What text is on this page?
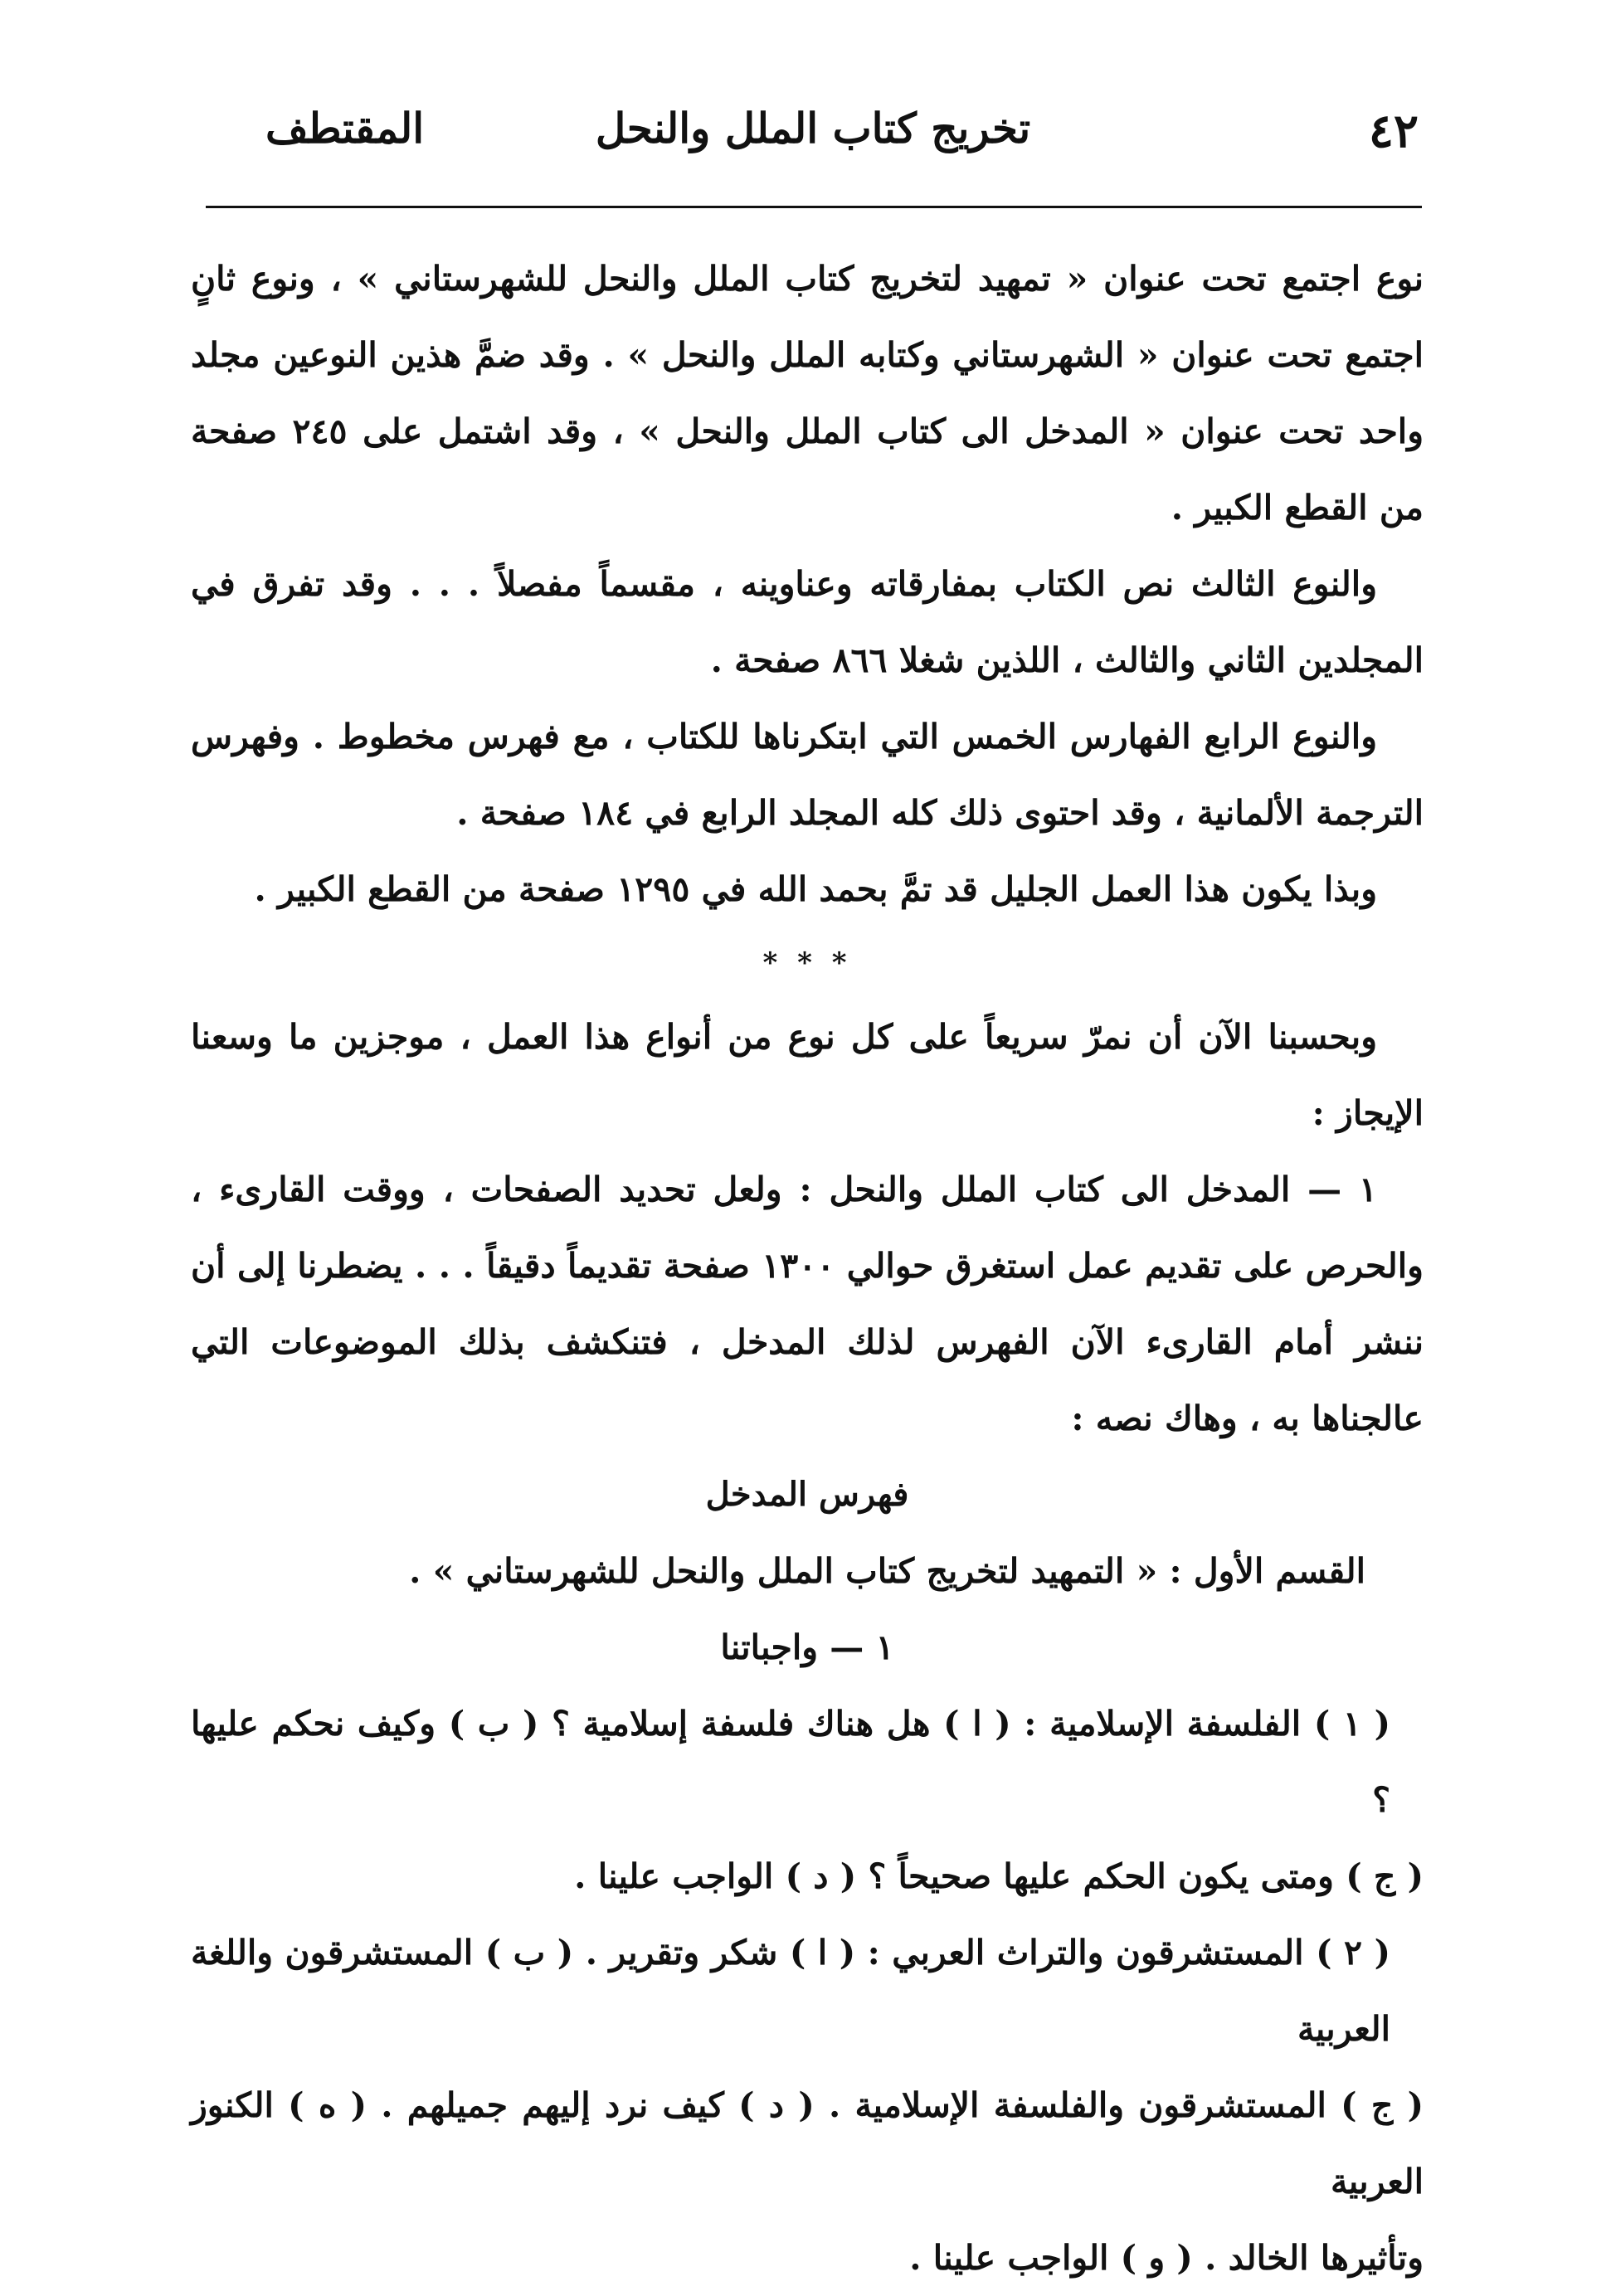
٤٢
تخريج كتاب الملل والنحل
المقتطف

نوع اجتمع تحت عنوان « تمهيد لتخريج كتاب الملل والنحل للشهرستاني » ، ونوع ثانٍ اجتمع تحت عنوان « الشهرستاني وكتابه الملل والنحل » . وقد ضمَّ هذين النوعين مجلد واحد تحت عنوان « المدخل الى كتاب الملل والنحل » ، وقد اشتمل على ٢٤٥ صفحة من القطع الكبير .

والنوع الثالث نص الكتاب بمفارقاته وعناوينه ، مقسماً مفصلاً . . . وقد تفرق في المجلدين الثاني والثالث ، اللذين شغلا ٨٦٦ صفحة .

والنوع الرابع الفهارس الخمس التي ابتكرناها للكتاب ، مع فهرس مخطوط . وفهرس الترجمة الألمانية ، وقد احتوى ذلك كله المجلد الرابع في ١٨٤ صفحة .

وبذا يكون هذا العمل الجليل قد تمَّ بحمد الله في ١٢٩٥ صفحة من القطع الكبير .

* * *

وبحسبنا الآن أن نمرّ سريعاً على كل نوع من أنواع هذا العمل ، موجزين ما وسعنا الإيجاز :

١ — المدخل الى كتاب الملل والنحل : ولعل تحديد الصفحات ، ووقت القارىء ، والحرص على تقديم عمل استغرق حوالي ١٣٠٠ صفحة تقديماً دقيقاً . . . يضطرنا إلى أن ننشر أمام القارىء الآن الفهرس لذلك المدخل ، فتنكشف بذلك الموضوعات التي عالجناها به ، وهاك نصه :

فهرس المدخل

القسم الأول : « التمهيد لتخريج كتاب الملل والنحل للشهرستاني » .

١ — واجباتنا

( ١ ) الفلسفة الإسلامية : ( ا ) هل هناك فلسفة إسلامية ؟ ( ب ) وكيف نحكم عليها ؟

( ج ) ومتى يكون الحكم عليها صحيحاً ؟ ( د ) الواجب علينا .

( ٢ ) المستشرقون والتراث العربي : ( ا ) شكر وتقرير . ( ب ) المستشرقون واللغة العربية

( ج ) المستشرقون والفلسفة الإسلامية . ( د ) كيف نرد إليهم جميلهم . ( ه ) الكنوز العربية

وتأثيرها الخالد . ( و ) الواجب علينا .
